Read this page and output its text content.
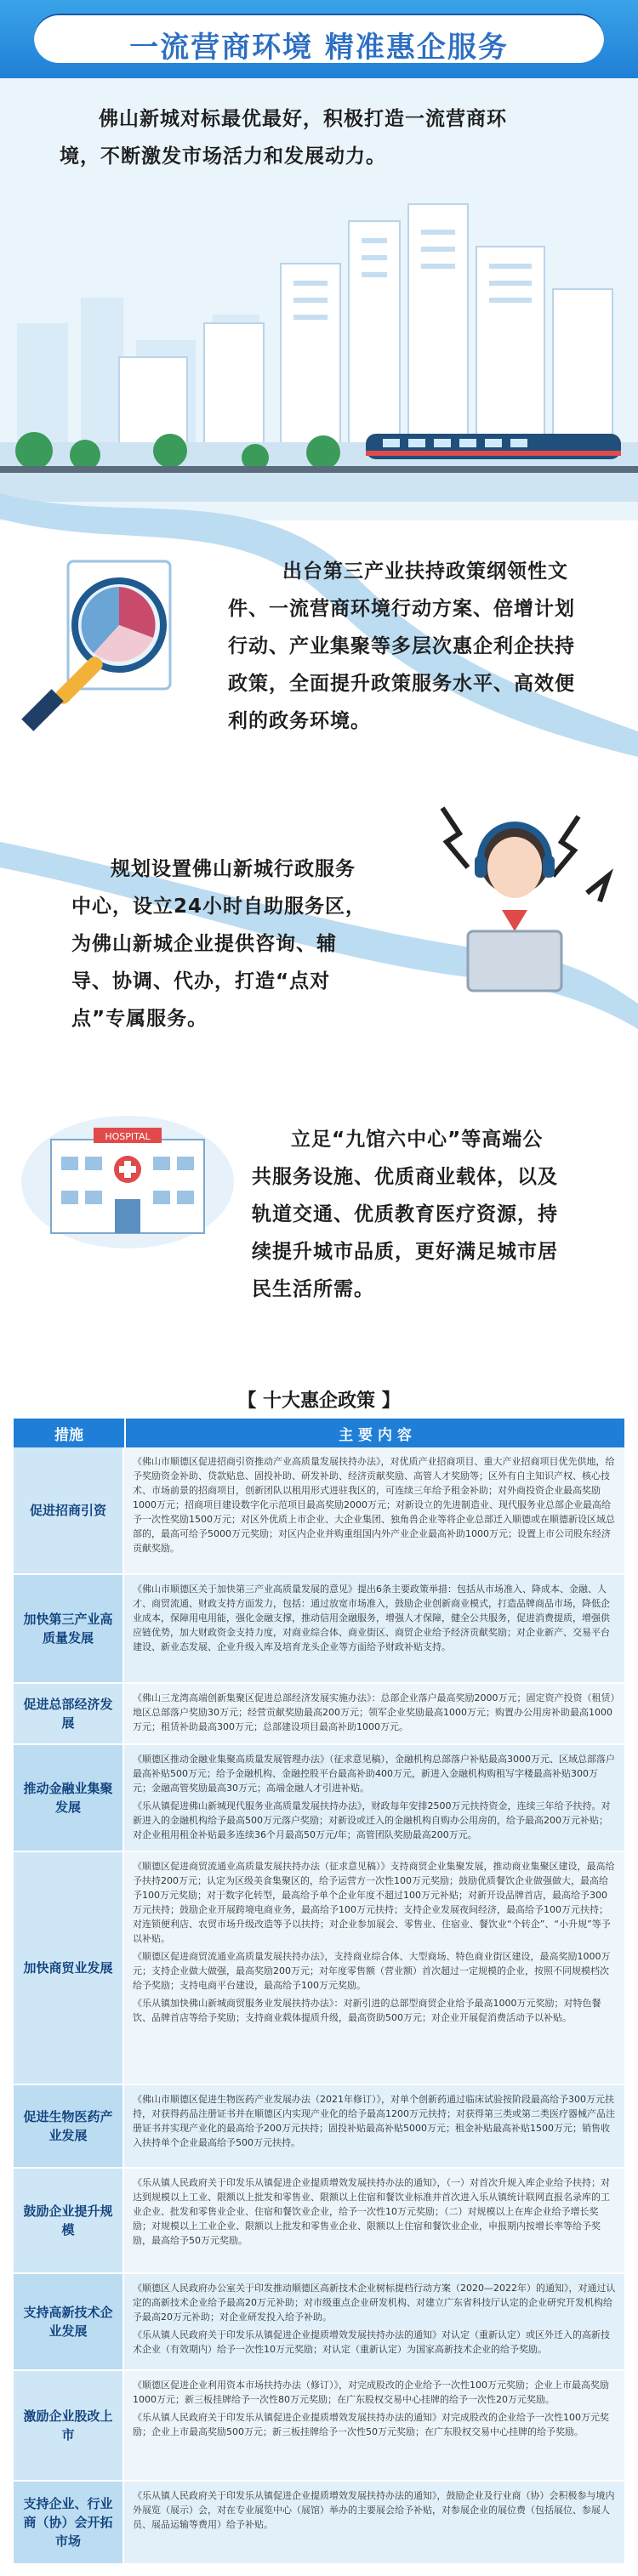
一流营商环境 精准惠企服务
佛山新城对标最优最好，积极打造一流营商环
境，不断激发市场活力和发展动力。
出台第三产业扶持政策纲领性文
件、一流营商环境行动方案、倍增计划
行动、产业集聚等多层次惠企利企扶持
政策，全面提升政策服务水平、高效便
利的政务环境。
规划设置佛山新城行政服务
中心，设立24小时自助服务区，
为佛山新城企业提供咨询、辅
导、协调、代办，打造“点对
点”专属服务。
HOSPITAL	立足“九馆六中心”等高端公
共服务设施、优质商业载体，以及
轨道交通、优质教育医疗资源，持
续提升城市品质，更好满足城市居
民生活所需。
【 十大惠企政策 】
措施	主 要 内 容
促进招商引资
《佛山市顺德区促进招商引资推动产业高质量发展扶持办法》，对优质产业招商项目、重大产业招商项目优先供地，给予奖励资金补助、贷款贴息、固投补助、研发补助、经济贡献奖励、高管人才奖励等；区外有自主知识产权、核心技术、市场前景的招商项目，创新团队以租用形式进驻我区的，可连续三年给予租金补助；对外商投资企业最高奖励1000万元；招商项目建设数字化示范项目最高奖励2000万元；对新设立的先进制造业、现代服务业总部企业最高给予一次性奖励1500万元；对区外优质上市企业、大企业集团、独角兽企业等将企业总部迁入顺德或在顺德新设区域总部的，最高可给予5000万元奖励；对区内企业并购重组国内外产业企业最高补助1000万元；设置上市公司股东经济贡献奖励。
加快第三产业高质量发展
《佛山市顺德区关于加快第三产业高质量发展的意见》提出6条主要政策举措：包括从市场准入、降成本、金融、人才、商贸流通、财政支持方面发力，包括：通过放宽市场准入，鼓励企业创新商业模式，打造品牌商品市场，降低企业成本，保障用电用能，强化金融支撑，推动信用金融服务，增强人才保障，健全公共服务，促进消费提质，增强供应链优势，加大财政资金支持力度，对商业综合体、商业街区、商贸企业给予经济贡献奖励；对企业新产、交易平台建设、新业态发展、企业升级入库及培育龙头企业等方面给予财政补贴支持。
促进总部经济发展
《佛山三龙湾高端创新集聚区促进总部经济发展实施办法》：总部企业落户最高奖励2000万元；固定资产投资（租赁）地区总部落户奖励30万元；经营贡献奖励最高200万元；领军企业奖励最高1000万元；购置办公用房补助最高1000万元；租赁补助最高300万元；总部建设项目最高补助1000万元。
推动金融业集聚发展
《顺德区推动金融业集聚高质量发展管理办法》（征求意见稿），金融机构总部落户补贴最高3000万元、区域总部落户最高补贴500万元；给予金融机构、金融控股平台最高补助400万元，新进入金融机构购租写字楼最高补贴300万元；金融高管奖励最高30万元；高端金融人才引进补贴。
《乐从镇促进佛山新城现代服务业高质量发展扶持办法》，财政每年安排2500万元扶持资金，连续三年给予扶持。对新进入的金融机构给予最高500万元落户奖励；对新设或迁入的金融机构自购办公用房的，给予最高200万元补贴；对企业租用租金补贴最多连续36个月最高50万元/年；高管团队奖励最高200万元。
加快商贸业发展
《顺德区促进商贸流通业高质量发展扶持办法（征求意见稿）》支持商贸企业集聚发展，推动商业集聚区建设，最高给予扶持200万元；认定为区级美食集聚区的，给予运营方一次性100万元奖励；鼓励优质餐饮企业做强做大，最高给予100万元奖励；对于数字化转型，最高给予单个企业年度不超过100万元补贴；对新开设品牌首店，最高给予300万元扶持；鼓励企业开展跨境电商业务，最高给予100万元扶持；支持企业发展夜间经济，最高给予100万元扶持；对连锁便利店、农贸市场升级改造等予以扶持；对企业参加展会、零售业、住宿业、餐饮业“个转企”、“小升规”等予以补贴。
《顺德区促进商贸流通业高质量发展扶持办法》，支持商业综合体、大型商场、特色商业街区建设，最高奖励1000万元；支持企业做大做强，最高奖励200万元；对年度零售额（营业额）首次超过一定规模的企业，按照不同规模档次给予奖励；支持电商平台建设，最高给予100万元奖励。
《乐从镇加快佛山新城商贸服务业发展扶持办法》：对新引进的总部型商贸企业给予最高1000万元奖励；对特色餐饮、品牌首店等给予奖励；支持商业载体提质升级，最高资助500万元；对企业开展促消费活动予以补贴。
促进生物医药产业发展
《佛山市顺德区促进生物医药产业发展办法（2021年修订）》，对单个创新药通过临床试验按阶段最高给予300万元扶持，对获得药品注册证书并在顺德区内实现产业化的给予最高1200万元扶持；对获得第三类或第二类医疗器械产品注册证书并实现产业化的最高给予200万元扶持；固投补贴最高补贴5000万元；租金补贴最高补贴1500万元；销售收入扶持单个企业最高给予500万元扶持。
鼓励企业提升规模
《乐从镇人民政府关于印发乐从镇促进企业提质增效发展扶持办法的通知》，（一）对首次升规入库企业给予扶持；对达到规模以上工业、限额以上批发和零售业、限额以上住宿和餐饮业标准并首次进入乐从镇统计联网直报名录库的工业企业、批发和零售业企业、住宿和餐饮业企业，给予一次性10万元奖励；（二）对规模以上在库企业给予增长奖励；对规模以上工业企业、限额以上批发和零售业企业、限额以上住宿和餐饮业企业，申报期内按增长率等给予奖励，最高给予50万元奖励。
支持高新技术企业发展
《顺德区人民政府办公室关于印发推动顺德区高新技术企业树标提档行动方案（2020—2022年）的通知》，对通过认定的高新技术企业给予最高20万元补助；对市级重点企业研发机构、对建立广东省科技厅认定的企业研究开发机构给予最高20万元补助；对企业研发投入给予补助。
《乐从镇人民政府关于印发乐从镇促进企业提质增效发展扶持办法的通知》对认定（重新认定）或区外迁入的高新技术企业（有效期内）给予一次性10万元奖励；对认定（重新认定）为国家高新技术企业的给予奖励。
激励企业股改上市
《顺德区促进企业利用资本市场扶持办法（修订）》，对完成股改的企业给予一次性100万元奖励；企业上市最高奖励1000万元；新三板挂牌给予一次性80万元奖励；在广东股权交易中心挂牌的给予一次性20万元奖励。
《乐从镇人民政府关于印发乐从镇促进企业提质增效发展扶持办法的通知》对完成股改的企业给予一次性100万元奖励；企业上市最高奖励500万元；新三板挂牌给予一次性50万元奖励；在广东股权交易中心挂牌的给予奖励。
支持企业、行业商（协）会开拓市场
《乐从镇人民政府关于印发乐从镇促进企业提质增效发展扶持办法的通知》，鼓励企业及行业商（协）会积极参与境内外展览（展示）会，对在专业展览中心（展馆）举办的主要展会给予补贴，对参展企业的展位费（包括展位、参展人员、展品运输等费用）给予补贴。
